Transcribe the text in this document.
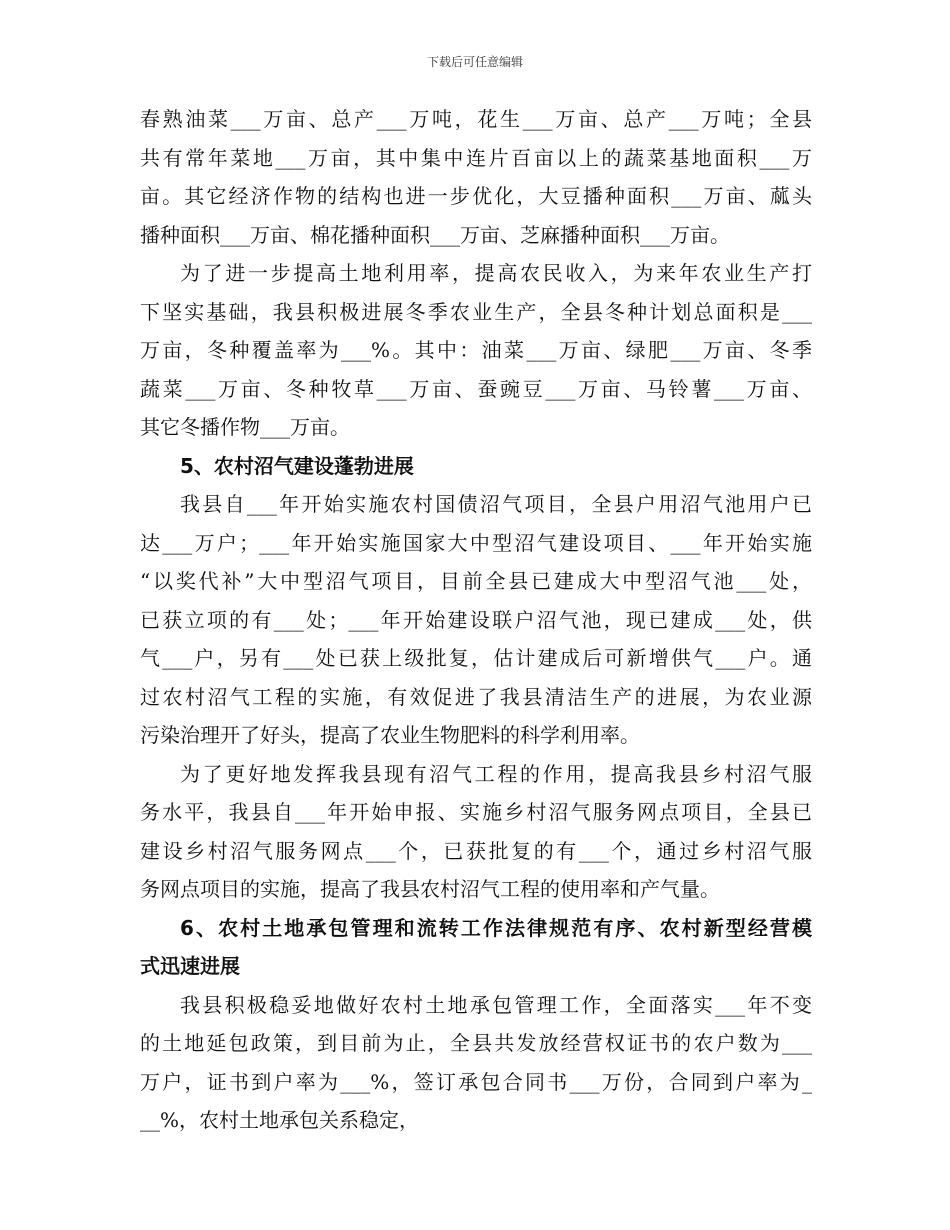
下载后可任意编辑
春熟油菜___万亩、总产___万吨，花生___万亩、总产___万吨；全县
共有常年菜地___万亩，其中集中连片百亩以上的蔬菜基地面积___万
亩。其它经济作物的结构也进一步优化，大豆播种面积___万亩、蓏头
播种面积___万亩、棉花播种面积___万亩、芝麻播种面积___万亩。
为了进一步提高土地利用率，提高农民收入，为来年农业生产打
下坚实基础，我县积极进展冬季农业生产，全县冬种计划总面积是___
万亩，冬种覆盖率为___%。其中：油菜___万亩、绿肥___万亩、冬季
蔬菜___万亩、冬种牧草___万亩、蚕豌豆___万亩、马铃薯___万亩、
其它冬播作物___万亩。
5、农村沼气建设蓬勃进展
我县自___年开始实施农村国债沼气项目，全县户用沼气池用户已
达___万户；___年开始实施国家大中型沼气建设项目、___年开始实施
“以奖代补”大中型沼气项目，目前全县已建成大中型沼气池___处，
已获立项的有___处；___年开始建设联户沼气池，现已建成___处，供
气___户，另有___处已获上级批复，估计建成后可新增供气___户。通
过农村沼气工程的实施，有效促进了我县清洁生产的进展，为农业源
污染治理开了好头，提高了农业生物肥料的科学利用率。
为了更好地发挥我县现有沼气工程的作用，提高我县乡村沼气服
务水平，我县自___年开始申报、实施乡村沼气服务网点项目，全县已
建设乡村沼气服务网点___个，已获批复的有___个，通过乡村沼气服
务网点项目的实施，提高了我县农村沼气工程的使用率和产气量。
6、农村土地承包管理和流转工作法律规范有序、农村新型经营模
式迅速进展
我县积极稳妥地做好农村土地承包管理工作，全面落实___年不变
的土地延包政策，到目前为止，全县共发放经营权证书的农户数为___
万户，证书到户率为___%，签订承包合同书___万份，合同到户率为_
__%，农村土地承包关系稳定，
